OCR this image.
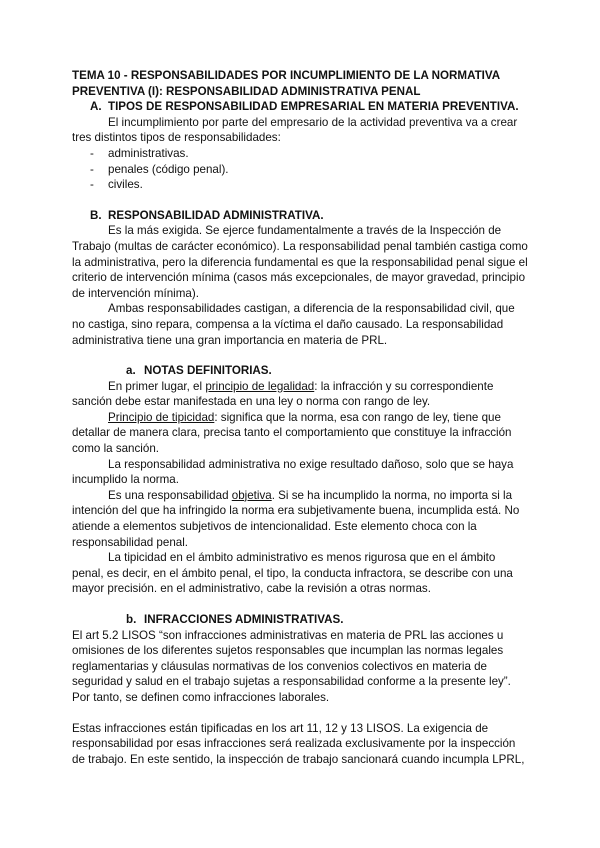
TEMA 10 - RESPONSABILIDADES POR INCUMPLIMIENTO DE LA NORMATIVA PREVENTIVA (I): RESPONSABILIDAD ADMINISTRATIVA PENAL

A. TIPOS DE RESPONSABILIDAD EMPRESARIAL EN MATERIA PREVENTIVA.

El incumplimiento por parte del empresario de la actividad preventiva va a crear tres distintos tipos de responsabilidades:

- administrativas.
- penales (código penal).
- civiles.

B. RESPONSABILIDAD ADMINISTRATIVA.

Es la más exigida. Se ejerce fundamentalmente a través de la Inspección de Trabajo (multas de carácter económico). La responsabilidad penal también castiga como la administrativa, pero la diferencia fundamental es que la responsabilidad penal sigue el criterio de intervención mínima (casos más excepcionales, de mayor gravedad, principio de intervención mínima).

Ambas responsabilidades castigan, a diferencia de la responsabilidad civil, que no castiga, sino repara, compensa a la víctima el daño causado. La responsabilidad administrativa tiene una gran importancia en materia de PRL.

a. NOTAS DEFINITORIAS.

En primer lugar, el principio de legalidad: la infracción y su correspondiente sanción debe estar manifestada en una ley o norma con rango de ley.

Principio de tipicidad: significa que la norma, esa con rango de ley, tiene que detallar de manera clara, precisa tanto el comportamiento que constituye la infracción como la sanción.

La responsabilidad administrativa no exige resultado dañoso, solo que se haya incumplido la norma.

Es una responsabilidad objetiva. Si se ha incumplido la norma, no importa si la intención del que ha infringido la norma era subjetivamente buena, incumplida está. No atiende a elementos subjetivos de intencionalidad. Este elemento choca con la responsabilidad penal.

La tipicidad en el ámbito administrativo es menos rigurosa que en el ámbito penal, es decir, en el ámbito penal, el tipo, la conducta infractora, se describe con una mayor precisión. en el administrativo, cabe la revisión a otras normas.

b. INFRACCIONES ADMINISTRATIVAS.

El art 5.2 LISOS “son infracciones administrativas en materia de PRL las acciones u omisiones de los diferentes sujetos responsables que incumplan las normas legales reglamentarias y cláusulas normativas de los convenios colectivos en materia de seguridad y salud en el trabajo sujetas a responsabilidad conforme a la presente ley”. Por tanto, se definen como infracciones laborales.

Estas infracciones están tipificadas en los art 11, 12 y 13 LISOS. La exigencia de responsabilidad por esas infracciones será realizada exclusivamente por la inspección de trabajo. En este sentido, la inspección de trabajo sancionará cuando incumpla LPRL,
